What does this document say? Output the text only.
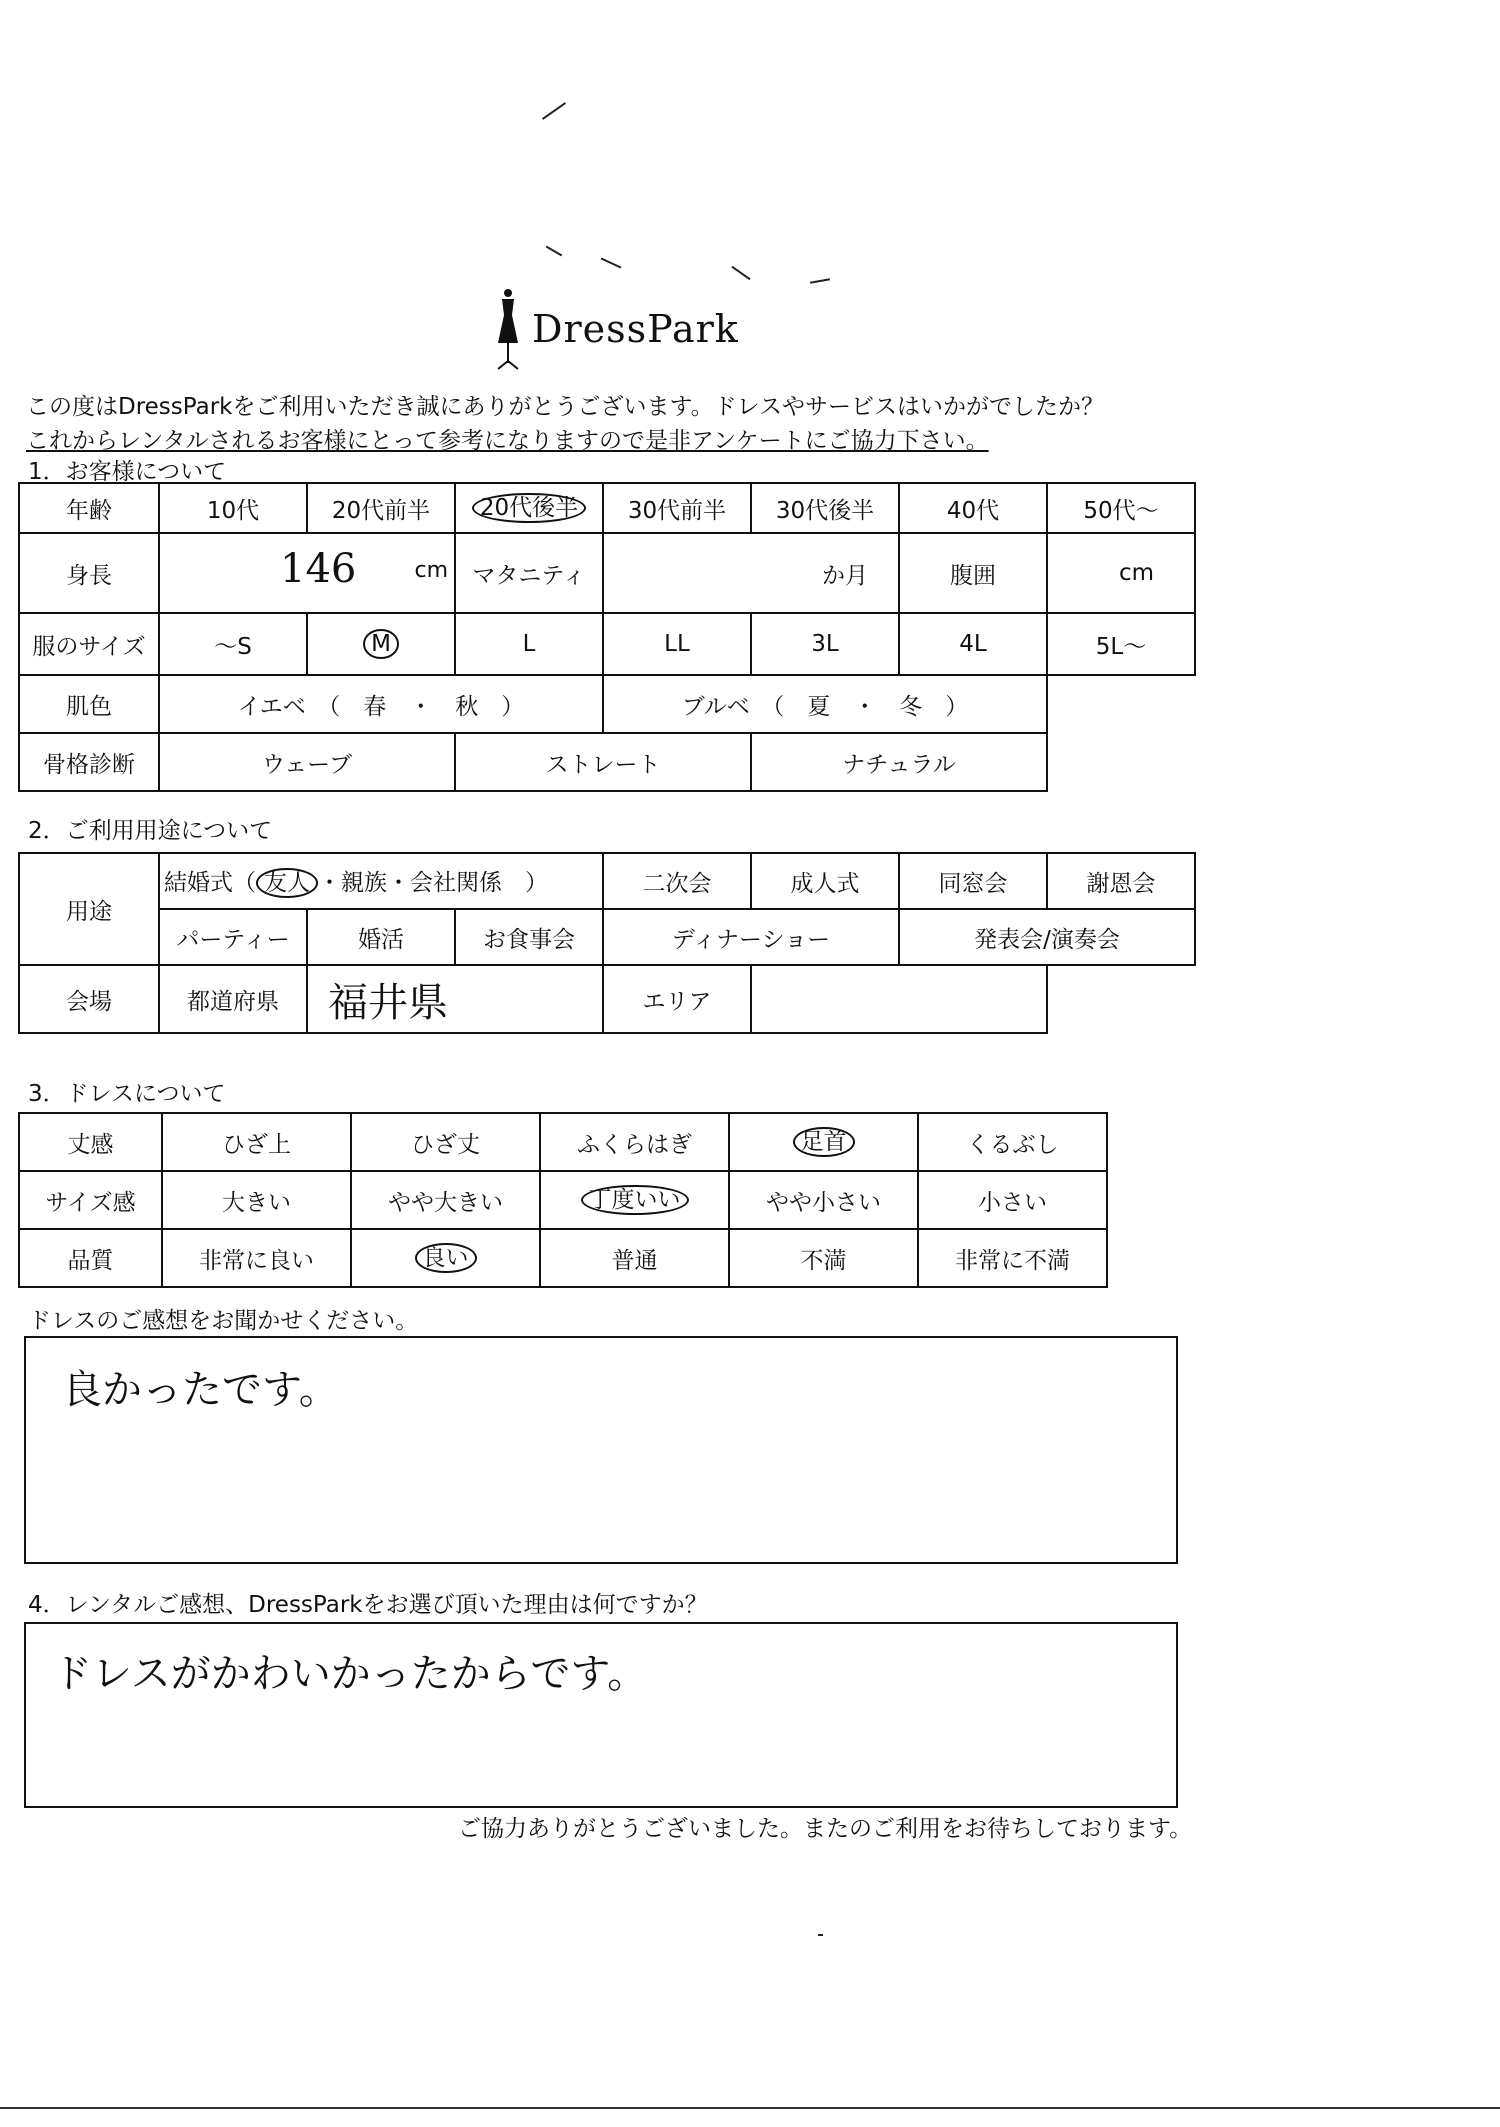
DressPark
この度はDressParkをご利用いただき誠にありがとうございます。ドレスやサービスはいかがでしたか？
これからレンタルされるお客様にとって参考になりますので是非アンケートにご協力下さい。
1．お客様について
年齢	10代	20代前半	20代後半	30代前半	30代後半	40代	50代～
身長	146 cm		マタニティ	か月		腹囲	cm
服のサイズ	～S	M	L	LL	3L	4L	5L～
肌色	イエベ　（　春　・　秋　）			ブルベ　（　夏　・　冬　）			
骨格診断	ウェーブ		ストレート		ナチュラル		
2．ご利用用途について
用途	結婚式（ 友人 ・親族・会社関係　）			二次会	成人式	同窓会	謝恩会
	パーティー	婚活	お食事会	ディナーショー		発表会/演奏会	
会場	都道府県	福井県		エリア			
3．ドレスについて
丈感	ひざ上	ひざ丈	ふくらはぎ	足首	くるぶし
サイズ感	大きい	やや大きい	丁度いい	やや小さい	小さい
品質	非常に良い	良い	普通	不満	非常に不満
ドレスのご感想をお聞かせください。
良かったです。
4．レンタルご感想、DressParkをお選び頂いた理由は何ですか？
ドレスがかわいかったからです。
ご協力ありがとうございました。またのご利用をお待ちしております。
